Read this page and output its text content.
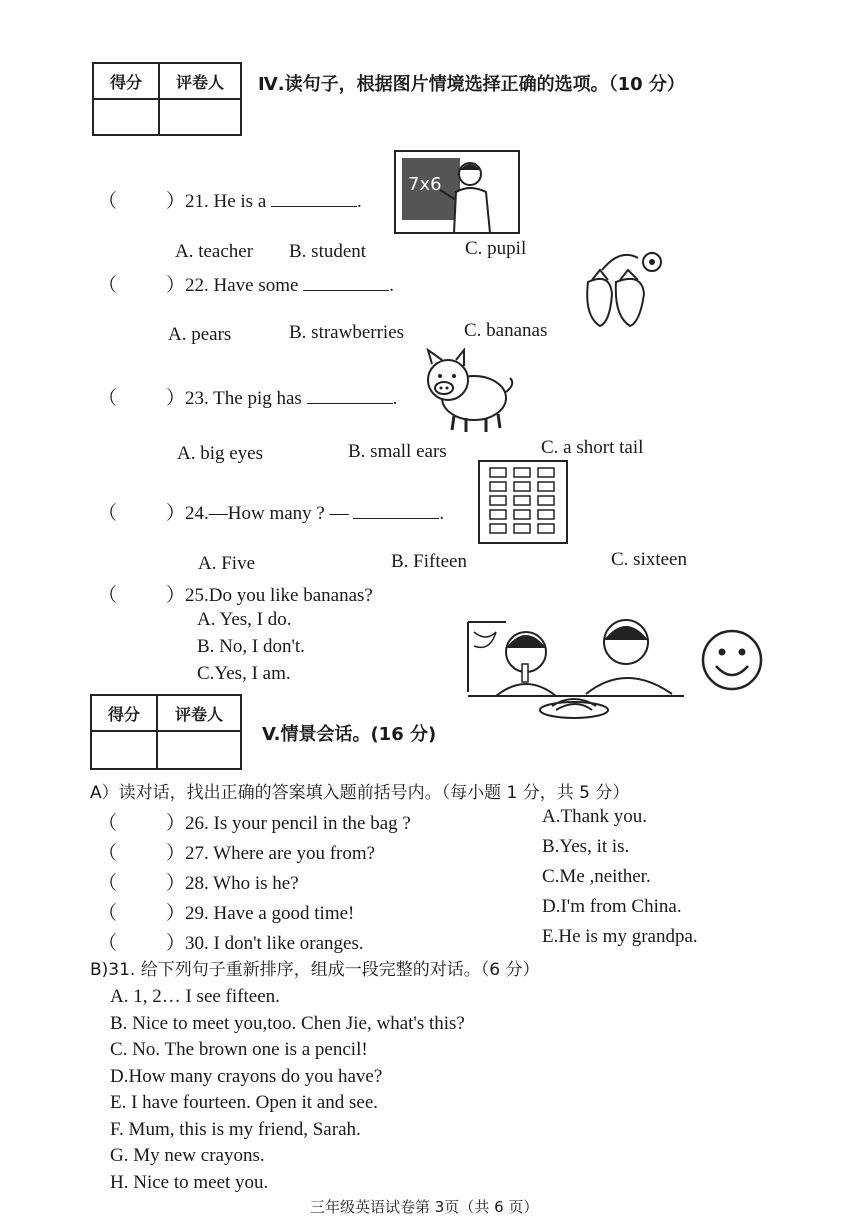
得分	评卷人
	Ⅳ.读句子，根据图片情境选择正确的选项。（10 分）
（	）21. He is a	.
7x6
A. teacher B. student	C. pupil
（	）22. Have some	.
A. pears	B. strawberries	C. bananas
（	）23. The pig has	.
A. big eyes	B. small ears	C. a short tail
（	）24.—How many ? —	.
A. Five	B. Fifteen	C. sixteen
（	）25.Do you like bananas?
A. Yes, I do.
B. No, I don't.
C.Yes, I am.
得分	评卷人

V.情景会话。(16 分)
A）读对话，找出正确的答案填入题前括号内。（每小题 1 分，共 5 分）
（	）26. Is your pencil in the bag ?	A.Thank you.
（	）27. Where are you from?	B.Yes, it is.
（	）28. Who is he?	C.Me ,neither.
（	）29. Have a good time!	D.I'm from China.
（	）30. I don't like oranges.	E.He is my grandpa.
B)31. 给下列句子重新排序，组成一段完整的对话。（6 分）
A. 1, 2… I see fifteen.
B. Nice to meet you,too. Chen Jie, what's this?
C. No. The brown one is a pencil!
D.How many crayons do you have?
E. I have fourteen. Open it and see.
F. Mum, this is my friend, Sarah.
G. My new crayons.
H. Nice to meet you.
三年级英语试卷第 3页（共 6 页）
